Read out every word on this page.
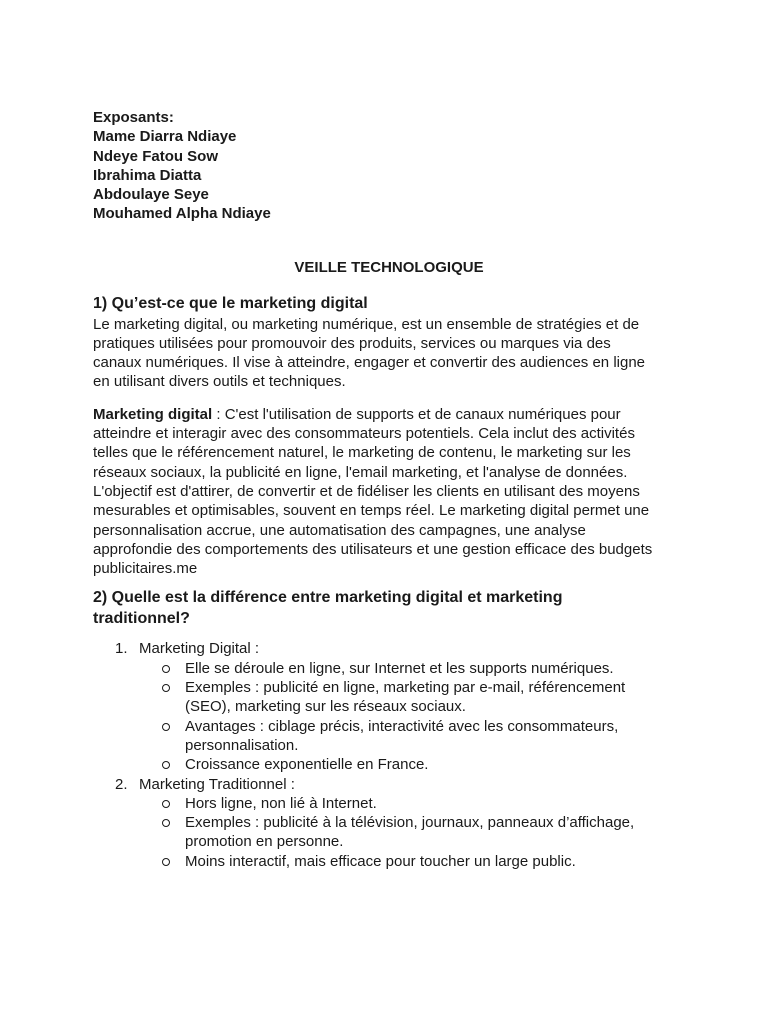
Exposants:
Mame Diarra Ndiaye
Ndeye Fatou Sow
Ibrahima Diatta
Abdoulaye Seye
Mouhamed Alpha Ndiaye
VEILLE TECHNOLOGIQUE
1) Qu’est-ce que le marketing digital
Le marketing digital, ou marketing numérique, est un ensemble de stratégies et de
pratiques utilisées pour promouvoir des produits, services ou marques via des
canaux numériques. Il vise à atteindre, engager et convertir des audiences en ligne
en utilisant divers outils et techniques.
Marketing digital : C'est l'utilisation de supports et de canaux numériques pour
atteindre et interagir avec des consommateurs potentiels. Cela inclut des activités
telles que le référencement naturel, le marketing de contenu, le marketing sur les
réseaux sociaux, la publicité en ligne, l'email marketing, et l'analyse de données.
L'objectif est d'attirer, de convertir et de fidéliser les clients en utilisant des moyens
mesurables et optimisables, souvent en temps réel. Le marketing digital permet une
personnalisation accrue, une automatisation des campagnes, une analyse
approfondie des comportements des utilisateurs et une gestion efficace des budgets
publicitaires.me
2) Quelle est la différence entre marketing digital et marketing
traditionnel?
1. Marketing Digital :
Elle se déroule en ligne, sur Internet et les supports numériques.
Exemples : publicité en ligne, marketing par e-mail, référencement
(SEO), marketing sur les réseaux sociaux.
Avantages : ciblage précis, interactivité avec les consommateurs,
personnalisation.
Croissance exponentielle en France.
2. Marketing Traditionnel :
Hors ligne, non lié à Internet.
Exemples : publicité à la télévision, journaux, panneaux d’affichage,
promotion en personne.
Moins interactif, mais efficace pour toucher un large public.
